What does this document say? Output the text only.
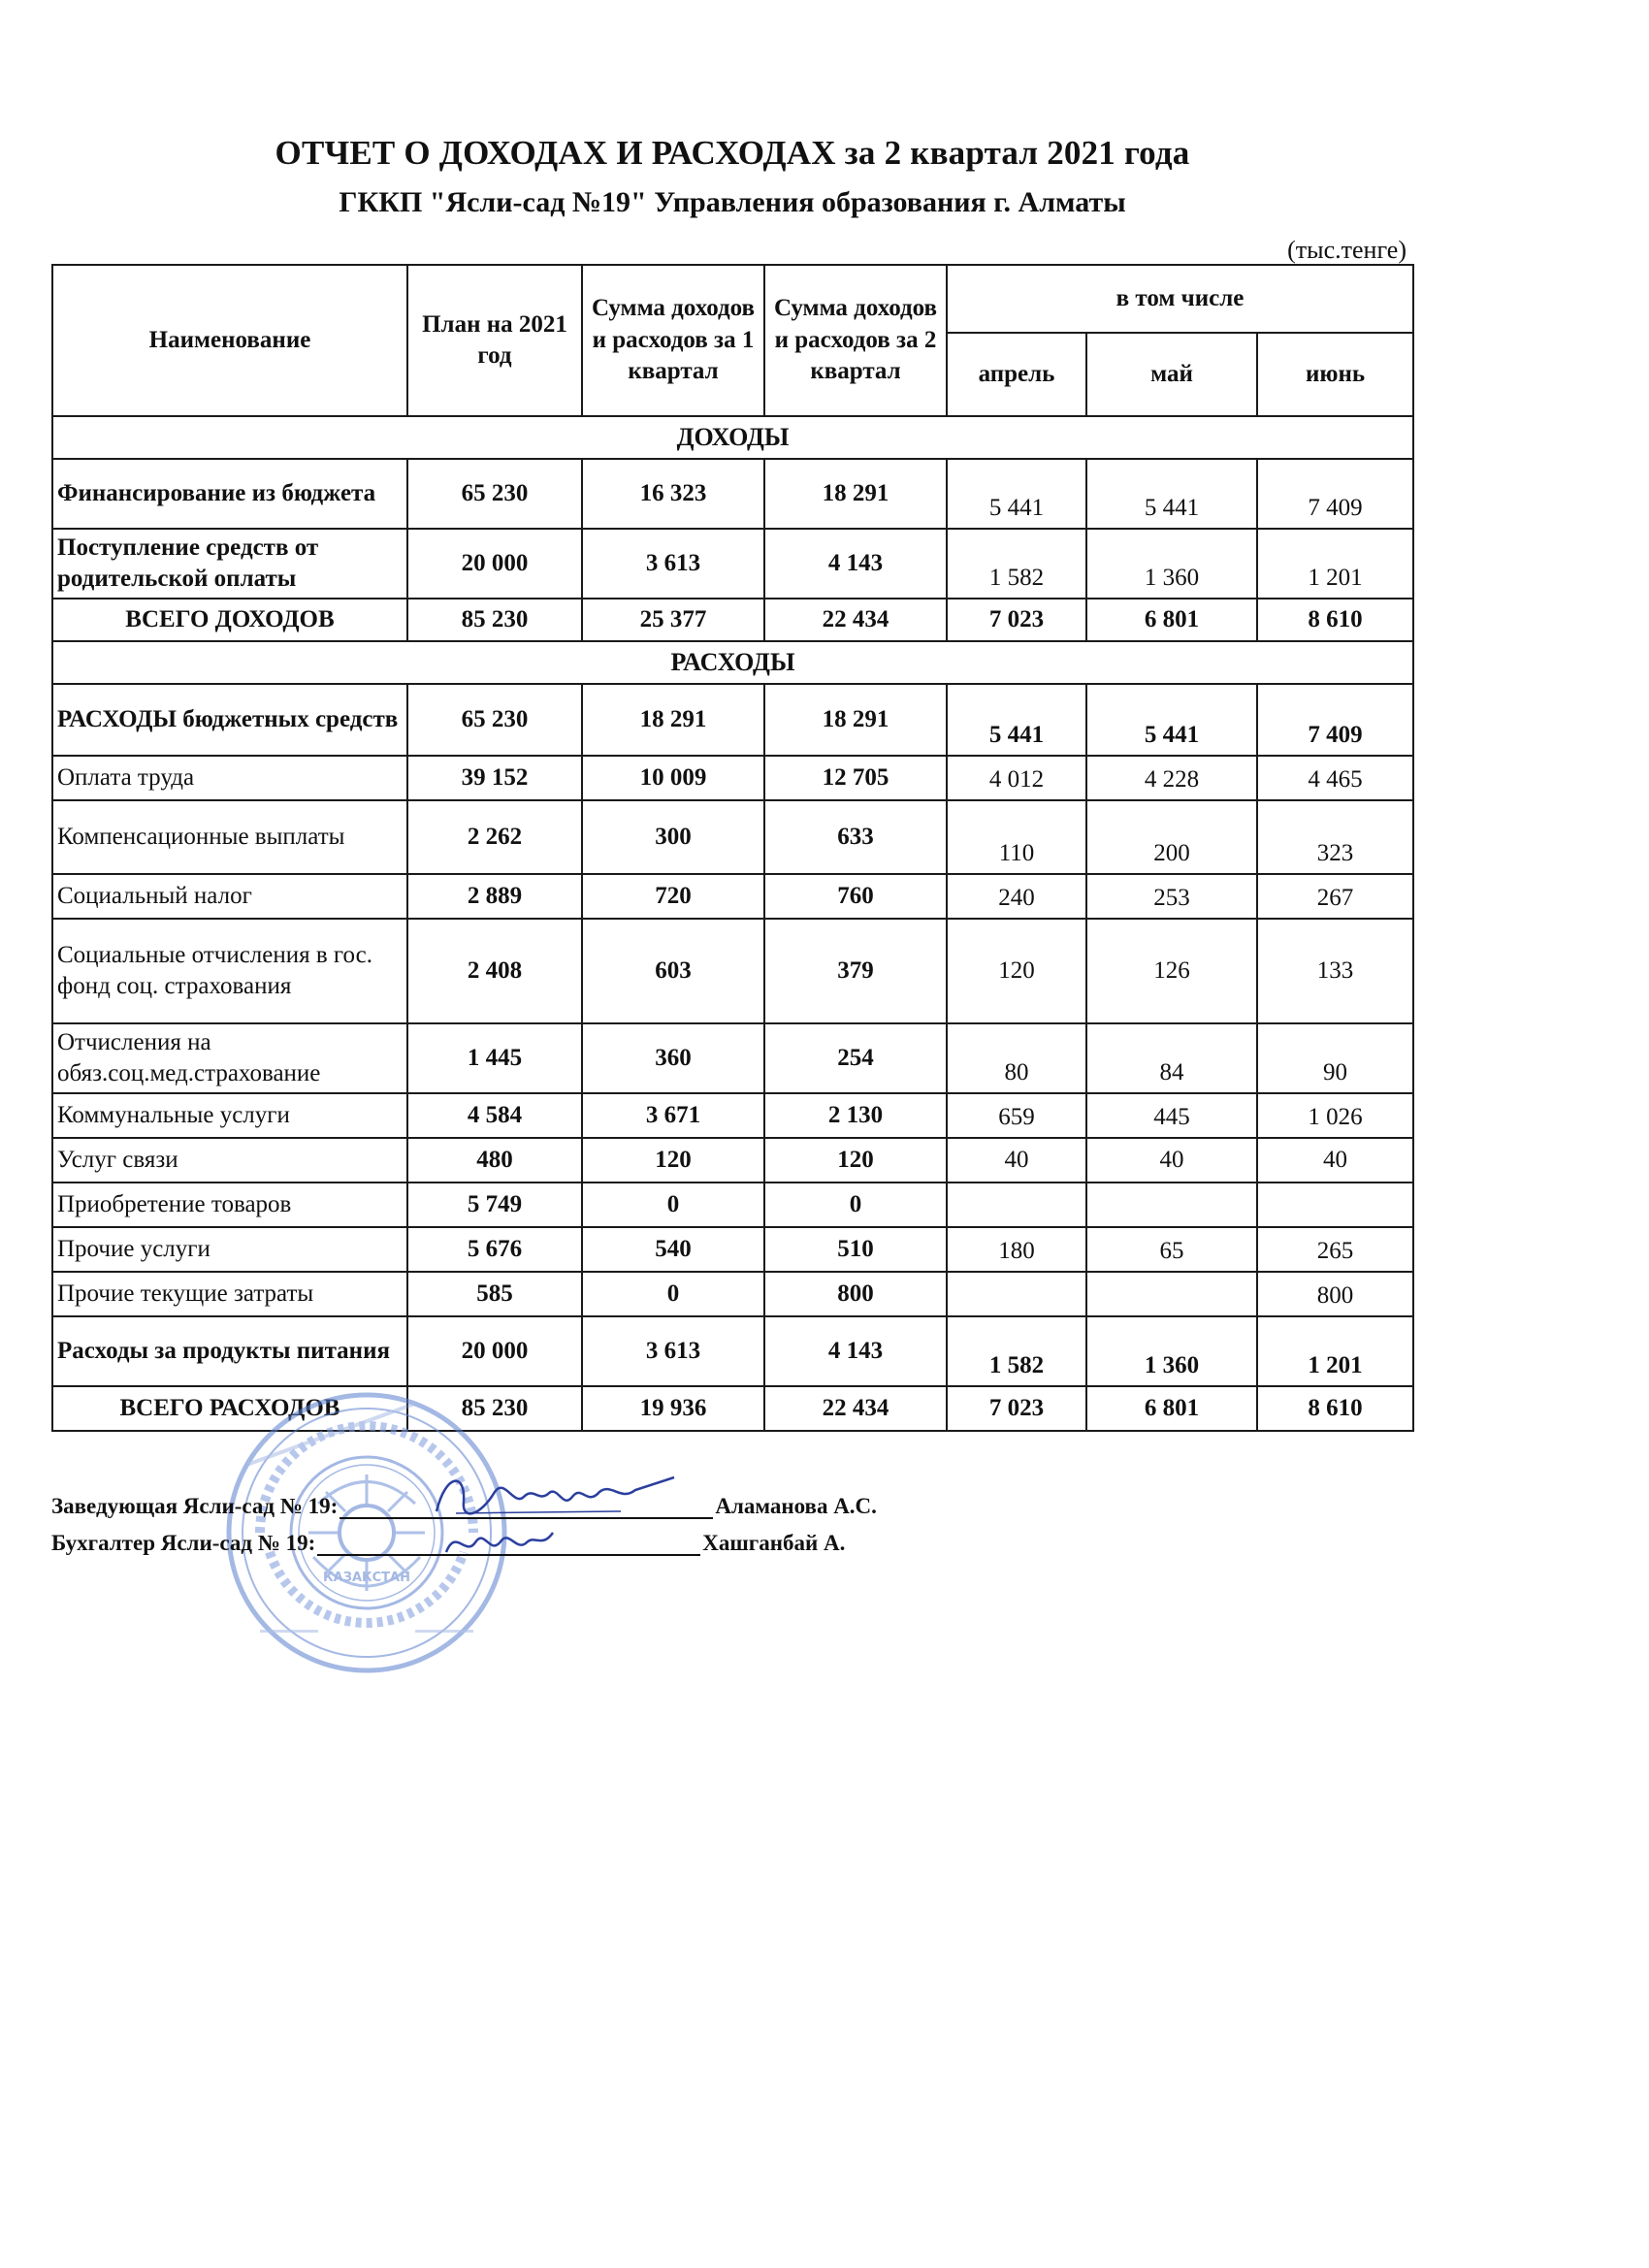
ОТЧЕТ О ДОХОДАХ И РАСХОДАХ за 2 квартал 2021 года
ГККП "Ясли-сад №19" Управления образования г. Алматы
(тыс.тенге)
Наименование	План на 2021 год	Сумма доходов и расходов за 1 квартал	Сумма доходов и расходов за 2 квартал	в том числе		
				апрель	май	июнь
ДОХОДЫ						
Финансирование из бюджета	65 230	16 323	18 291	5 441	5 441	7 409
Поступление средств от родительской оплаты	20 000	3 613	4 143	1 582	1 360	1 201
ВСЕГО ДОХОДОВ	85 230	25 377	22 434	7 023	6 801	8 610
РАСХОДЫ						
РАСХОДЫ бюджетных средств	65 230	18 291	18 291	5 441	5 441	7 409
Оплата труда	39 152	10 009	12 705	4 012	4 228	4 465
Компенсационные выплаты	2 262	300	633	110	200	323
Социальный налог	2 889	720	760	240	253	267
Социальные отчисления в гос. фонд соц. страхования	2 408	603	379	120	126	133
Отчисления на обяз.соц.мед.страхование	1 445	360	254	80	84	90
Коммунальные услуги	4 584	3 671	2 130	659	445	1 026
Услуг связи	480	120	120	40	40	40
Приобретение товаров	5 749	0	0			
Прочие услуги	5 676	540	510	180	65	265
Прочие текущие затраты	585	0	800			800
Расходы за продукты питания	20 000	3 613	4 143	1 582	1 360	1 201
ВСЕГО РАСХОДОВ	85 230	19 936	22 434	7 023	6 801	8 610
КАЗАКСТАН
Заведующая Ясли-сад № 19:	Аламанова А.С.
Бухгалтер Ясли-сад № 19:	Хашганбай А.
